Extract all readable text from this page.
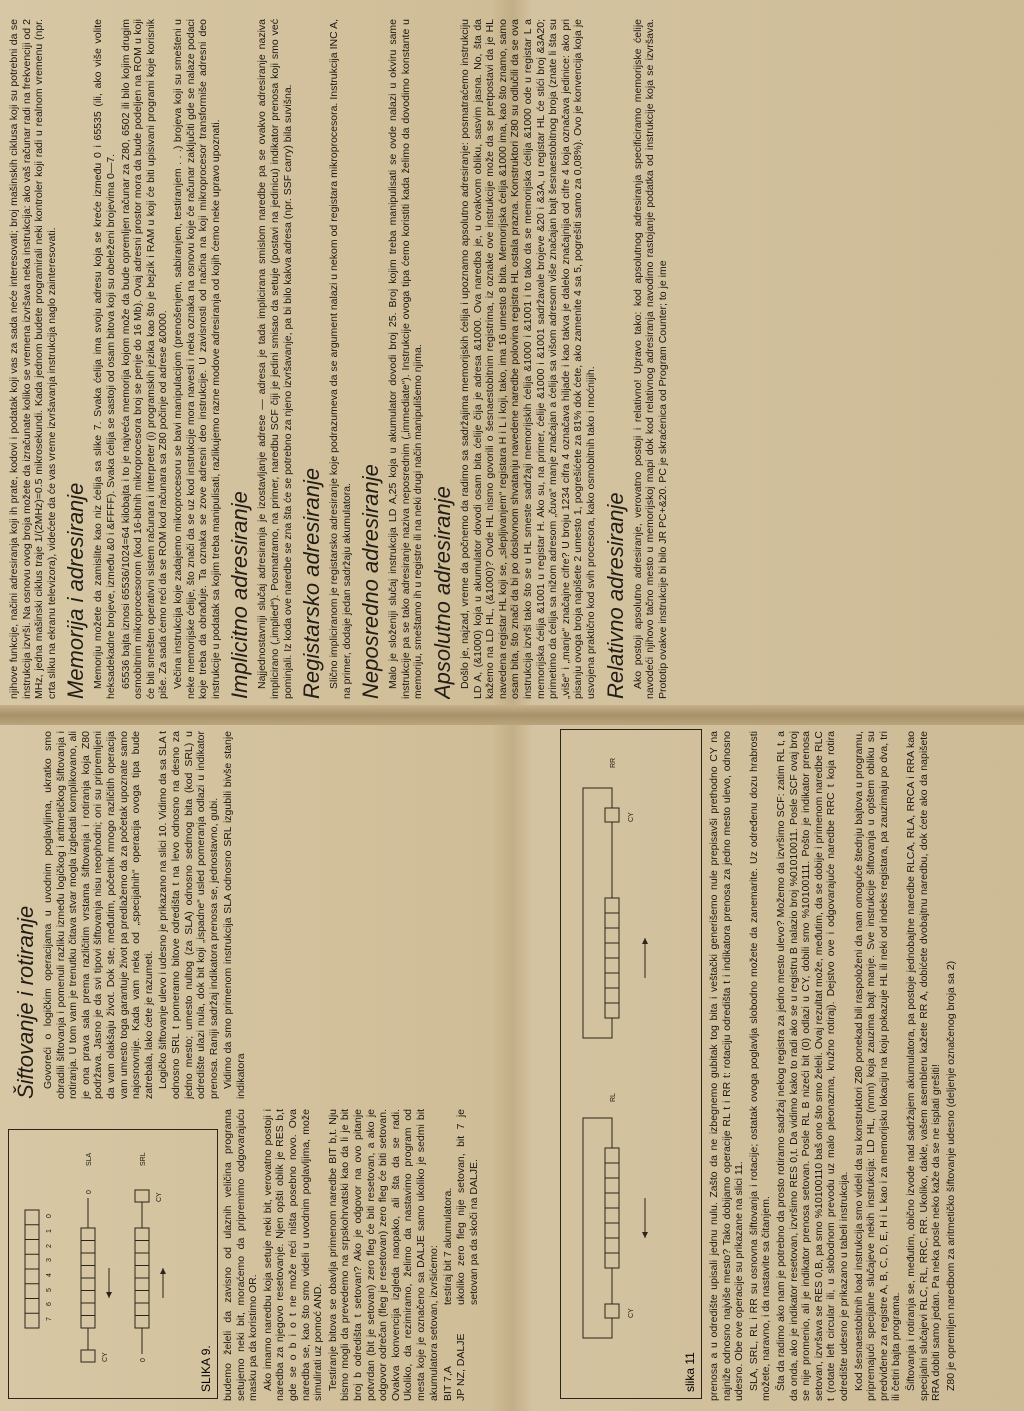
7
6
5
4
3
2
1
0
CY
0
SLA
0
CY
SRL
SLIKA 9. budemo želeli da zavisno od ulaznih veličina programa setujemo neki bit, moraćemo da pripremimo odgovarajuću masku pa da koristimo OR. Ako imamo naredbu koja setuje neki bit, verovatno postoji i naredba za njegovo resetovanje. Njen opšti oblik je RES b,t gde se o b i o t ne može reći ništa posebno novo. Ova naredba se, kao što smo videli u uvodnim poglavljima, može simulirati uz pomoć AND. Testiranje bitova se obavlja primenom naredbe BIT b,t. Nju bismo mogli da prevedemo na srpskohrvatski kao da li je bit broj b odredišta t setovan? Ako je odgovor na ovo pitanje potvrdan (bit je setovan) zero fleg će biti resetovan, a ako je odgovor odrečan (fleg je resetovan) zero fleg će biti setovan. Ovakva konvencija izgleda naopako, ali šta da se radi. Ukoliko, da rezimiramo, želimo da nastavimo program od mesta koje je označeno sa DALJE samo ukoliko je sedmi bit akumulatora setovan, izvršićemo: BIT 7,A
testiraj bit 7 akumulatora.
JP NZ, DALJE
ukoliko zero fleg nije setovan, bit 7 je setovan pa da skoči na DALJE.
Šiftovanje i rotiranje Govoreći o logičkim operacijama u uvodnim poglavljima, ukratko smo obradili šiftovanja i pomenuli razliku između logičkog i aritmetičkog šiftovanja i rotiranja. U tom vam je trenutku čitava stvar mogla izgledati komplikovano, ali je ona prava sala prema različitim vrstama šiftovanja i rotiranja koja Z80 podržava. Jasno je da svi tipovi šiftovanja nisu neophodni; oni su pripremljeni da vam olakšaju život. Dok ste, međutim, početnik mnogo različitih operacija vam umesto toga garantuje život pa predlažemo da za početak upoznate samo najosnovnije. Kada vam neka od „specijalnih“ operacija ovoga tipa bude zatrebala, lako ćete je razumeti. Logičko šiftovanje ulevo i udesno je prikazano na slici 10. Vidimo da sa SLA t odnosno SRL t pomeramo bitove odredišta t na levo odnosno na desno za jedno mesto; umesto nultog (za SLA) odnosno sedmog bita (kod SRL) u odredište ulazi nula, dok bit koji „ispadne“ usled pomeranja odlazi u indikator prenosa. Raniji sadržaj indikatora prenosa se, jednostavno, gubi. Vidimo da smo primenom instrukcija SLA odnosno SRL izgubili bivše stanje indikatora

CY
RL
CY
RR
slika 11 prenosa a u odredište upisali jednu nulu. Zašto da ne izbegnemo gubitak tog bita i veštački generišemo nule prepisavši prethodno CY na najniže odnosno najviše mesto? Tako dobijamo operacije RL t i RR t: rotaciju odredišta t i indikatora prenosa za jedno mesto ulevo, odnosno udesno. Obe ove operacije su prikazane na slici 11. SLA, SRL, RL i RR su osnovna šiftovanja i rotacije; ostatak ovoga poglavlja slobodno možete da zanemarite. Uz određenu dozu hrabrosti možete, naravno, i da nastavite sa čitanjem. Šta da radimo ako nam je potrebno da prosto rotiramo sadržaj nekog registra za jedno mesto ulevo? Možemo da izvršimo SCF: zatim RL t, a da onda, ako je indikator resetovan, izvršimo RES 0,t. Da vidimo kako to radi ako se u registru B nalazio broj %01010011. Posle SCF ovaj broj se nije promenio, ali je indikator prenosa setovan. Posle RL B nizeći bit (0) odlazi u CY, dobili smo %10100111. Pošto je indikator prenosa setovan, izvršava se RES 0,B, pa smo %10100110 baš ono što smo želeli. Ovaj rezultat može, međutim, da se dobije i primenom naredbe RLC t (rotate left circular ili, u slobodnom prevodu uz malo pleonazma, kružno rotiraj). Dejstvo ove i odgovarajuće naredbe RRC t koja rotira odredište udesno je prikazano u tabeli instrukcija. Kod šesnaestobitnih load instrukcija smo videli da su konstruktori Z80 ponekad bili raspoloženi da nam omoguće štednju bajtova u programu, pripremajući specijalne slučajeve nekih instrukcija: LD HL, (nnnn) koja zauzima bajt manje. Sve instrukcije šiftovanja u opštem obliku su predviđene za registre A, B, C, D, E, H i L kao i za memorijsku lokaciju na koju pokazuje HL ili neki od indeks registara, pa zauzimaju po dva, tri ili četiri bajta programa. Šiftovanja i rotiranja se, međutim, obično izvode nad sadržajem akumulatora, pa postoje jednobajtne naredbe RLCA, RLA, RRCA i RRA kao specijalni slučajevi RLC, RL, RRC, RR. Ukoliko, dakle, vašem asembleru kažete RR A, dobićete dvobajtnu naredbu, dok ćete ako da napišete RRA dobiti samo jedan. Pa neka posle neko kaže da se ne isplati grešiti! Z80 je opremljen naredbom za aritmetičko šiftovanje udesno (deljenje označenog broja sa 2)

njihove funkcije, načini adresiranja koji ih prate, kodovi i podatak koji vas za sada neće interesovati; broj mašinskih ciklusa koji su potrebni da se instrukcija izvrši. Na osnovu ovog broja možete da izračunate koliko se vremena izvršava neka instrukcija: ako vaš računar radi na frekvenciji od 2 MHz, jedna mašinski ciklus traje 1/(2MHz)=0.5 mikrosekundi. Kada jednom budete programirali neki kontroler koji radi u realnom vremenu (npr. crta sliku na ekranu televizora), videćete da će vas vreme izvršavanja instrukcija naglo zainteresovati. Memorija i adresiranje Memoriju možete da zamislite kao niz ćelija sa slike 7. Svaka ćelija ima svoju adresu koja se kreće između 0 i 65535 (ili, ako više volite heksadekadne brojeve, između &0 i &FFFF). Svaka ćelija se sastoji od osam bitova koji su obeleženi brojevima 0—7. 65536 bajta iznosi 65536/1024=64 kilobajta i to je najveća memorija kojom može da bude opremljen računar za Z80, 6502 ili bilo kojim drugim osmobitnim mikroprocesorom (kod 16-bitnih mikroprocesora broj se penje do 16 Mb). Ovaj adresni prostor mora da bude podeljen na ROM u koji će biti smešten operativni sistem računara i interpreter (i) programskih jezika kao što je bejzik i RAM u koji će biti upisivani programi koje korisnik piše. Za sada ćemo reći da se ROM kod računara sa Z80 počinje od adrese &0000. Večina instrukcija koje zadajemo mikroprocesoru se bavi manipulacijom (prenošenjem, sabiranjem, testiranjem . . .) brojeva koji su smešteni u neke memorijske ćelije, što znači da se uz kod instrukcije mora navesti i neka oznaka na osnovu koje će računar zaključiti gde se nalaze podaci koje treba da obrađuje. Ta oznaka se zove adresni deo instrukcije. U zavisnosti od načina na koji mikroprocesor transformiše adresni deo instrukcije u podatak sa kojim treba manipulisati, razlikujemo razne modove adresiranja od kojih ćemo neke upravo upoznati. Implicitno adresiranje Najjednostavniji slučaj adresiranja je izostavljanje adrese — adresa je tada implicirana smislom naredbe pa se ovakvo adresiranje naziva implicirano („implied“). Posmatramo, na primer, naredbu SCF čiji je jedini smisao da setuje (postavi na jedinicu) indikator prenosa koji smo već pominjali. Iz koda ove naredbe se zna šta će se potrebno za njeno izvršavanje, pa bi bilo kakva adresa (npr. SSF carry) bila suvišna. Registarsko adresiranje Slično impliciranom je registarsko adresiranje koje podrazumeva da se argument nalazi u nekom od registara mikroprocesora. Instrukcija INC A, na primer, dodaje jedan sadržaju akumulatora. Neposredno adresiranje Malo je složeniji slučaj instrukcija LD A,25 koja u akumulator dovodi broj 25. Broj kojim treba manipulisati se ovde nalazi u okviru same instrukcije pa se tako adresiranje naziva neposrednim („immediate“). Instrukcije ovoga tipa ćemo koristiti kada želimo da dovodimo konstante u memoriju, smeštamo ih u registre ili na neki drugi način manipulišemo njima. Apsolutno adresiranje Došlo je, najzad, vreme da počnemo da radimo sa sadržajima memorijskih ćelija i upoznamo apsolutno adresiranje: posmatraćemo instrukciju LD A, (&1000) koja u akumulator dovodi osam bita ćelije čija je adresa &1000. Ova naredba je, u ovakvom obliku, sasvim jasna. No, šta da kažemo na LD HL, (&1000)? Ovde HL nismo govorili o šesnaestobitnim registrima, iz oznake ove instrukcije može da se pretpostavi da je HL navedena registar HL koji se, „slepljivanjem“ registara H i L i koji, tako, ima 16 umesto 8 bita. Memorijska ćelija &1000 ima, kao što znamo, samo osam bita, što znači da bi po doslovnom shvatanju navedene naredbe polovina registra HL ostala prazna. Konstruktori Z80 su odlučili da se ova instrukcija izvrši tako što se u HL smeste sadržaji memorijskih ćelija &1000 i &1001 i to tako da se memorijska ćelija &1000 ode u registar L a memorijska ćelija &1001 u registar H. Ako su, na primer, ćelije &1000 i &1001 sadržavale brojeve &20 i &3A, u registar HL će stići broj &3A20; primetimo da ćelija sa nižom adresom „čuva“ manje značajan a ćelija sa višom adresom više značajan bajt šesnaestobitnog broja (znate li šta su „više“ i „manje“ značajne cifre? U broju 1234 cifra 4 označava hiljade i kao takva je daleko značajnija od cifre 4 koja označava jedinice: ako pri pisanju ovoga broja napišete 2 umesto 1, pogrešićete za 81% dok ćete, ako zamenite 4 sa 5, pogrešiti samo za 0,08%). Ovo je konvencija koja je usvojena praktično kod svih procesora, kako osmobitnih tako i moćnijih. Relativno adresiranje Ako postoji apsolutno adresiranje, verovatno postoji i relativno! Upravo tako: kod apsolutnog adresiranja specificiramo memorijske ćelije navodeći njihovo tačno mesto u memorijskoj mapi dok kod relativnog adresiranja navodimo rastojanje podatka od instrukcije koja se izvršava. Prototip ovakve instrukcije bi bilo JR PC+&20. PC je skraćenica od Program Counter; to je ime
